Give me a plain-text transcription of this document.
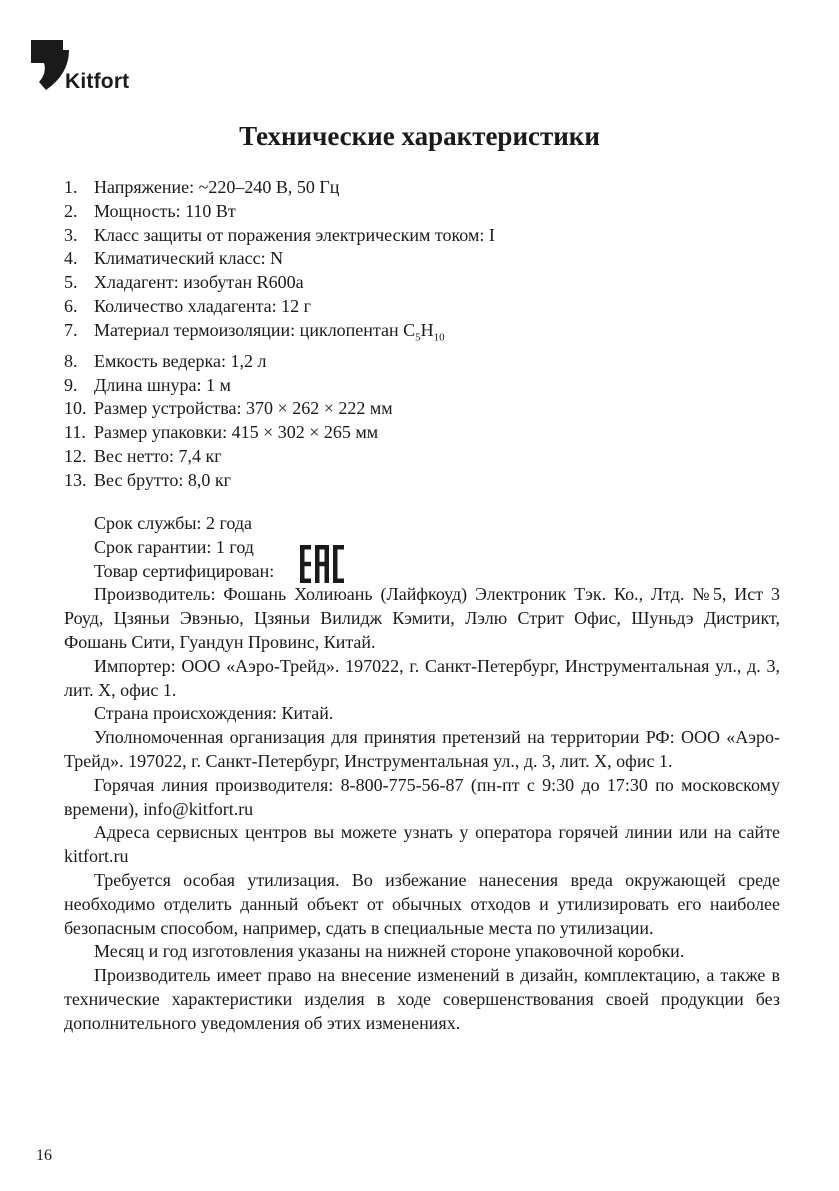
Kitfort
Технические характеристики
1. Напряжение: ~220–240 В, 50 Гц
2. Мощность: 110 Вт
3. Класс защиты от поражения электрическим током: I
4. Климатический класс: N
5. Хладагент: изобутан R600a
6. Количество хладагента: 12 г
7. Материал термоизоляции: циклопентан $C_5H_{10}$
8. Емкость ведерка: 1,2 л
9. Длина шнура: 1 м
10. Размер устройства: 370 × 262 × 222 мм
11. Размер упаковки: 415 × 302 × 265 мм
12. Вес нетто: 7,4 кг
13. Вес брутто: 8,0 кг

Срок службы: 2 года

Срок гарантии: 1 год

Товар сертифицирован:

Производитель: Фошань Холиюань (Лайфкоуд) Электроник Тэк. Ко., Лтд. №5, Ист 3 Роуд, Цзяньи Эвэнью, Цзяньи Вилидж Кэмити, Лэлю Стрит Офис, Шуньдэ Дистрикт, Фошань Сити, Гуандун Провинс, Китай.

Импортер: ООО «Аэро-Трейд». 197022, г. Санкт-Петербург, Инструментальная ул., д. 3, лит. Х, офис 1.

Страна происхождения: Китай.

Уполномоченная организация для принятия претензий на территории РФ: ООО «Аэро-Трейд». 197022, г. Санкт-Петербург, Инструментальная ул., д. 3, лит. Х, офис 1.

Горячая линия производителя: 8-800-775-56-87 (пн-пт с 9:30 до 17:30 по московскому времени), info@kitfort.ru

Адреса сервисных центров вы можете узнать у оператора горячей линии или на сайте kitfort.ru

Требуется особая утилизация. Во избежание нанесения вреда окружающей среде необходимо отделить данный объект от обычных отходов и утилизировать его наиболее безопасным способом, например, сдать в специальные места по утилизации.

Месяц и год изготовления указаны на нижней стороне упаковочной коробки.

Производитель имеет право на внесение изменений в дизайн, комплектацию, а также в технические характеристики изделия в ходе совершенствования своей продукции без дополнительного уведомления об этих изменениях.

16
